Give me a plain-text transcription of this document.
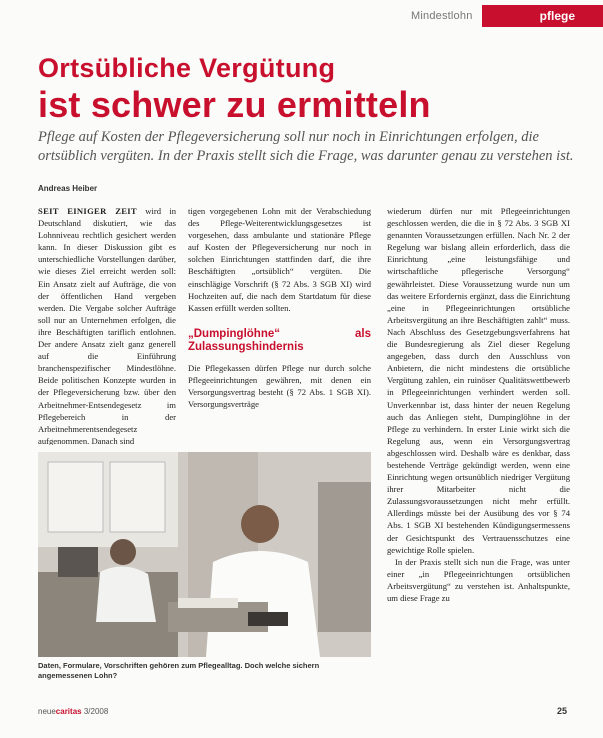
Mindestlohn	pflege
Ortsübliche Vergütung
ist schwer zu ermitteln
Pflege auf Kosten der Pflegeversicherung soll nur noch in Einrichtungen erfolgen, die ortsüblich vergüten. In der Praxis stellt sich die Frage, was darunter genau zu verstehen ist.
Andreas Heiber

SEIT EINIGER ZEIT wird in Deutschland diskutiert, wie das Lohnniveau rechtlich gesichert werden kann. In dieser Diskussion gibt es unterschiedliche Vorstellungen darüber, wie dieses Ziel erreicht werden soll: Ein Ansatz zielt auf Aufträge, die von der öffentlichen Hand vergeben werden. Die Vergabe solcher Aufträge soll nur an Unternehmen erfolgen, die ihre Beschäftigten tariflich entlohnen. Der andere Ansatz zielt ganz generell auf die Einführung branchenspezifischer Mindestlöhne. Beide politischen Konzepte wurden in der Pflegeversicherung bzw. über den Arbeitnehmer-Entsendegesetz im Pflegebereich in der Arbeitnehmerentsendegesetz aufgenommen. Danach sind

tigen vorgegebenen Lohn mit der Verabschiedung des Pflege-Weiterentwicklungsgesetzes ist vorgesehen, dass ambulante und stationäre Pflege auf Kosten der Pflegeversicherung nur noch in solchen Einrichtungen stattfinden darf, die ihre Beschäftigten „ortsüblich“ vergüten. Die einschlägige Vorschrift (§ 72 Abs. 3 SGB XI) wird Hochzeiten auf, die nach dem Startdatum für diese Kassen erfüllt werden sollten.

„Dumpinglöhne“ als Zulassungshindernis

Die Pflegekassen dürfen Pflege nur durch solche Pflegeeinrichtungen gewähren, mit denen ein Versorgungsvertrag besteht (§ 72 Abs. 1 SGB XI). Versorgungsverträge

wiederum dürfen nur mit Pflegeeinrichtungen geschlossen werden, die die in § 72 Abs. 3 SGB XI genannten Voraussetzungen erfüllen. Nach Nr. 2 der Regelung war bislang allein erforderlich, dass die Einrichtung „eine leistungsfähige und wirtschaftliche pflegerische Versorgung“ gewährleistet. Diese Voraussetzung wurde nun um das weitere Erfordernis ergänzt, dass die Einrichtung „eine in Pflegeeinrichtungen ortsübliche Arbeitsvergütung an ihre Beschäftigten zahlt“ muss. Nach Abschluss des Gesetzgebungsverfahrens hat die Bundesregierung als Ziel dieser Regelung angegeben, dass durch den Ausschluss von Anbietern, die nicht mindestens die ortsübliche Vergütung zahlen, ein ruinöser Qualitätswettbewerb in Pflegeeinrichtungen verhindert werden soll. Unverkennbar ist, dass hinter der neuen Regelung auch das Anliegen steht, Dumpinglöhne in der Pflege zu verhindern. In erster Linie wirkt sich die Regelung aus, wenn ein Versorgungsvertrag abgeschlossen wird. Deshalb wäre es denkbar, dass bestehende Verträge gekündigt werden, wenn eine Einrichtung wegen ortsunüblich niedriger Vergütung ihrer Mitarbeiter nicht die Zulassungsvoraussetzungen nicht mehr erfüllt. Allerdings müsste bei der Ausübung des vor § 74 Abs. 1 SGB XI bestehenden Kündigungsermessens der Gesichtspunkt des Vertrauensschutzes eine gewichtige Rolle spielen.

In der Praxis stellt sich nun die Frage, was unter einer „in Pflegeeinrichtungen ortsüblichen Arbeitsvergütung“ zu verstehen ist. Anhaltspunkte, um diese Frage zu

Daten, Formulare, Vorschriften gehören zum Pflegealltag. Doch welche sichern angemessenen Lohn?
neuecaritas 3/2008	25
